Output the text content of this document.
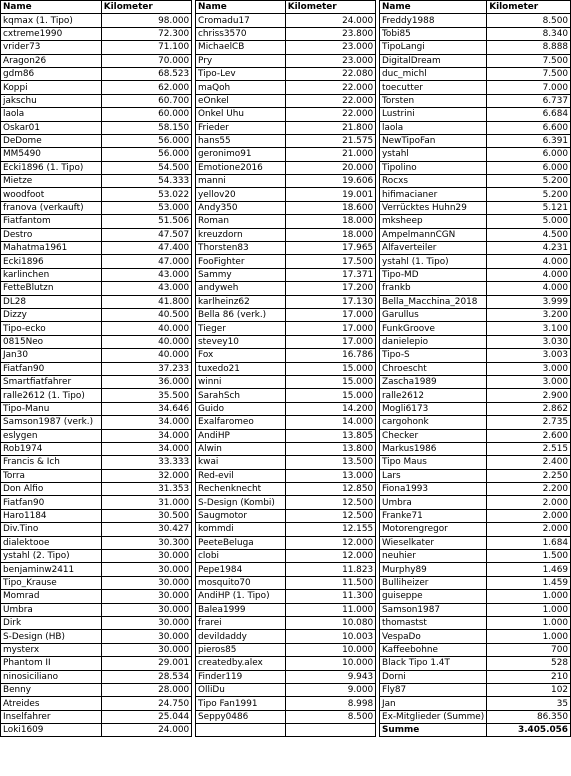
Name	Kilometer		Name	Kilometer		Name	Kilometer
kqmax (1. Tipo)	98.000		Cromadu17	24.000		Freddy1988	8.500
cxtreme1990	72.300		chriss3570	23.800		Tobi85	8.340
vrider73	71.100		MichaelCB	23.000		TipoLangi	8.888
Aragon26	70.000		Pry	23.000		DigitalDream	7.500
gdm86	68.523		Tipo-Lev	22.080		duc_michl	7.500
Koppi	62.000		maQoh	22.000		toecutter	7.000
jakschu	60.700		eOnkel	22.000		Torsten	6.737
laola	60.000		Onkel Uhu	22.000		Lustrini	6.684
Oskar01	58.150		Frieder	21.800		laola	6.600
DeDome	56.000		hans55	21.575		NewTipoFan	6.391
MM5490	56.000		geronimo91	21.000		ystahl	6.000
Ecki1896 (1. Tipo)	54.500		Emotione2016	20.000		Tipolino	6.000
Mietze	54.333		manni	19.606		Rocxs	5.200
woodfoot	53.022		yellov20	19.001		hifimacianer	5.200
franova (verkauft)	53.000		Andy350	18.600		Verrücktes Huhn29	5.121
Fiatfantom	51.506		Roman	18.000		mksheep	5.000
Destro	47.507		kreuzdorn	18.000		AmpelmannCGN	4.500
Mahatma1961	47.400		Thorsten83	17.965		Alfaverteiler	4.231
Ecki1896	47.000		FooFighter	17.500		ystahl (1. Tipo)	4.000
karlinchen	43.000		Sammy	17.371		Tipo-MD	4.000
FetteBlutzn	43.000		andyweh	17.200		frankb	4.000
DL28	41.800		karlheinz62	17.130		Bella_Macchina_2018	3.999
Dizzy	40.500		Bella 86 (verk.)	17.000		Garullus	3.200
Tipo-ecko	40.000		Tieger	17.000		FunkGroove	3.100
0815Neo	40.000		stevey10	17.000		danielepio	3.030
Jan30	40.000		Fox	16.786		Tipo-S	3.003
Fiatfan90	37.233		tuxedo21	15.000		Chroescht	3.000
Smartfiatfahrer	36.000		winni	15.000		Zascha1989	3.000
ralle2612 (1. Tipo)	35.500		SarahSch	15.000		ralle2612	2.900
Tipo-Manu	34.646		Guido	14.200		Mogli6173	2.862
Samson1987 (verk.)	34.000		Exalfaromeo	14.000		cargohonk	2.735
eslygen	34.000		AndiHP	13.805		Checker	2.600
Rob1974	34.000		Alwin	13.800		Markus1986	2.515
Francis & Ich	33.333		kwai	13.500		Tipo Maus	2.400
Torra	32.000		Red-evil	13.000		Lars	2.250
Don Alfio	31.353		Rechenknecht	12.850		Fiona1993	2.200
Fiatfan90	31.000		S-Design (Kombi)	12.500		Umbra	2.000
Haro1184	30.500		Saugmotor	12.500		Franke71	2.000
Div.Tino	30.427		kommdi	12.155		Motorengregor	2.000
dialektooe	30.300		PeeteBeluga	12.000		Wieselkater	1.684
ystahl (2. Tipo)	30.000		clobi	12.000		neuhier	1.500
benjaminw2411	30.000		Pepe1984	11.823		Murphy89	1.469
Tipo_Krause	30.000		mosquito70	11.500		Bulliheizer	1.459
Momrad	30.000		AndiHP (1. Tipo)	11.300		guiseppe	1.000
Umbra	30.000		Balea1999	11.000		Samson1987	1.000
Dirk	30.000		frarei	10.080		thomastst	1.000
S-Design (HB)	30.000		devildaddy	10.003		VespaDo	1.000
mysterx	30.000		pieros85	10.000		Kaffeebohne	700
Phantom II	29.001		createdby.alex	10.000		Black Tipo 1.4T	528
ninosiciliano	28.534		Finder119	9.943		Dorni	210
Benny	28.000		OlliDu	9.000		Fly87	102
Atreides	24.750		Tipo Fan1991	8.998		Jan	35
Inselfahrer	25.044		Seppy0486	8.500		Ex-Mitglieder (Summe)	86.350
Loki1609	24.000					Summe	3.405.056
